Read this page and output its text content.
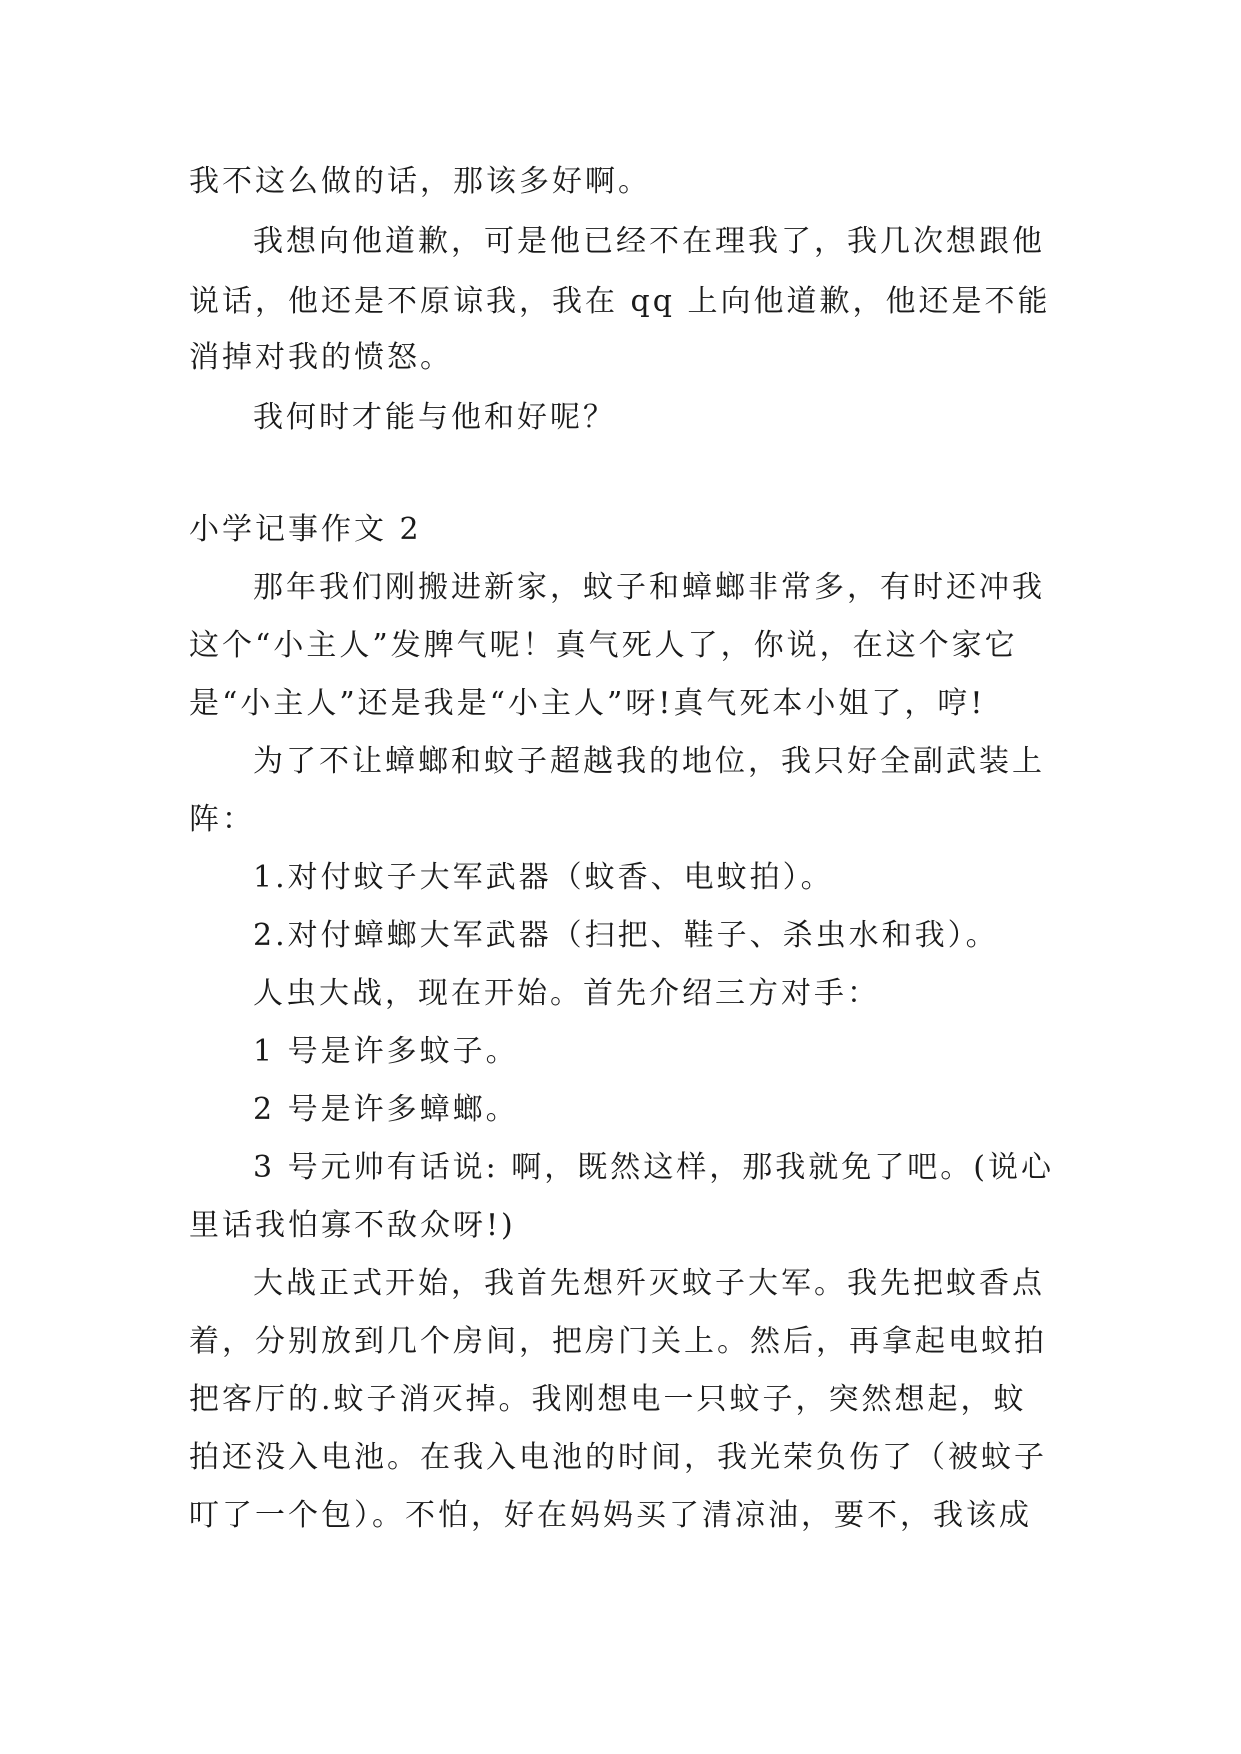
我不这么做的话，那该多好啊。
我想向他道歉，可是他已经不在理我了，我几次想跟他
说话，他还是不原谅我，我在 qq 上向他道歉，他还是不能
消掉对我的愤怒。
我何时才能与他和好呢？
小学记事作文 2
那年我们刚搬进新家，蚊子和蟑螂非常多，有时还冲我
这个“小主人”发脾气呢！真气死人了，你说，在这个家它
是“小主人”还是我是“小主人”呀!真气死本小姐了，哼!
为了不让蟑螂和蚊子超越我的地位，我只好全副武装上
阵：
1.对付蚊子大军武器（蚊香、电蚊拍）。
2.对付蟑螂大军武器（扫把、鞋子、杀虫水和我）。
人虫大战，现在开始。首先介绍三方对手：
1 号是许多蚊子。
2 号是许多蟑螂。
3 号元帅有话说: 啊，既然这样，那我就免了吧。(说心
里话我怕寡不敌众呀!)
大战正式开始，我首先想歼灭蚊子大军。我先把蚊香点
着，分别放到几个房间，把房门关上。然后，再拿起电蚊拍
把客厅的.蚊子消灭掉。我刚想电一只蚊子，突然想起，蚊
拍还没入电池。在我入电池的时间，我光荣负伤了（被蚊子
叮了一个包）。不怕，好在妈妈买了清凉油，要不，我该成
